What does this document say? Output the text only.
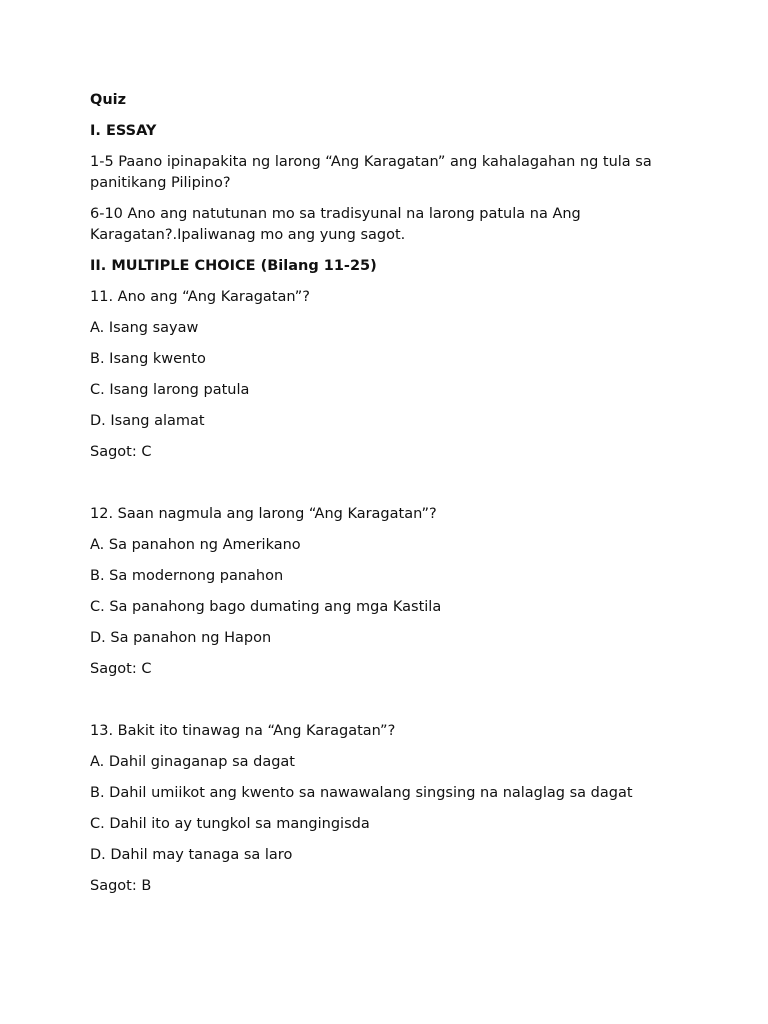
Quiz

I. ESSAY

1-5 Paano ipinapakita ng larong “Ang Karagatan” ang kahalagahan ng tula sa panitikang Pilipino?

6-10 Ano ang natutunan mo sa tradisyunal na larong patula na Ang Karagatan?.Ipaliwanag mo ang yung sagot.

II. MULTIPLE CHOICE (Bilang 11-25)

11. Ano ang “Ang Karagatan”?

A. Isang sayaw

B. Isang kwento

C. Isang larong patula

D. Isang alamat

Sagot: C

12. Saan nagmula ang larong “Ang Karagatan”?

A. Sa panahon ng Amerikano

B. Sa modernong panahon

C. Sa panahong bago dumating ang mga Kastila

D. Sa panahon ng Hapon

Sagot: C

13. Bakit ito tinawag na “Ang Karagatan”?

A. Dahil ginaganap sa dagat

B. Dahil umiikot ang kwento sa nawawalang singsing na nalaglag sa dagat

C. Dahil ito ay tungkol sa mangingisda

D. Dahil may tanaga sa laro

Sagot: B
